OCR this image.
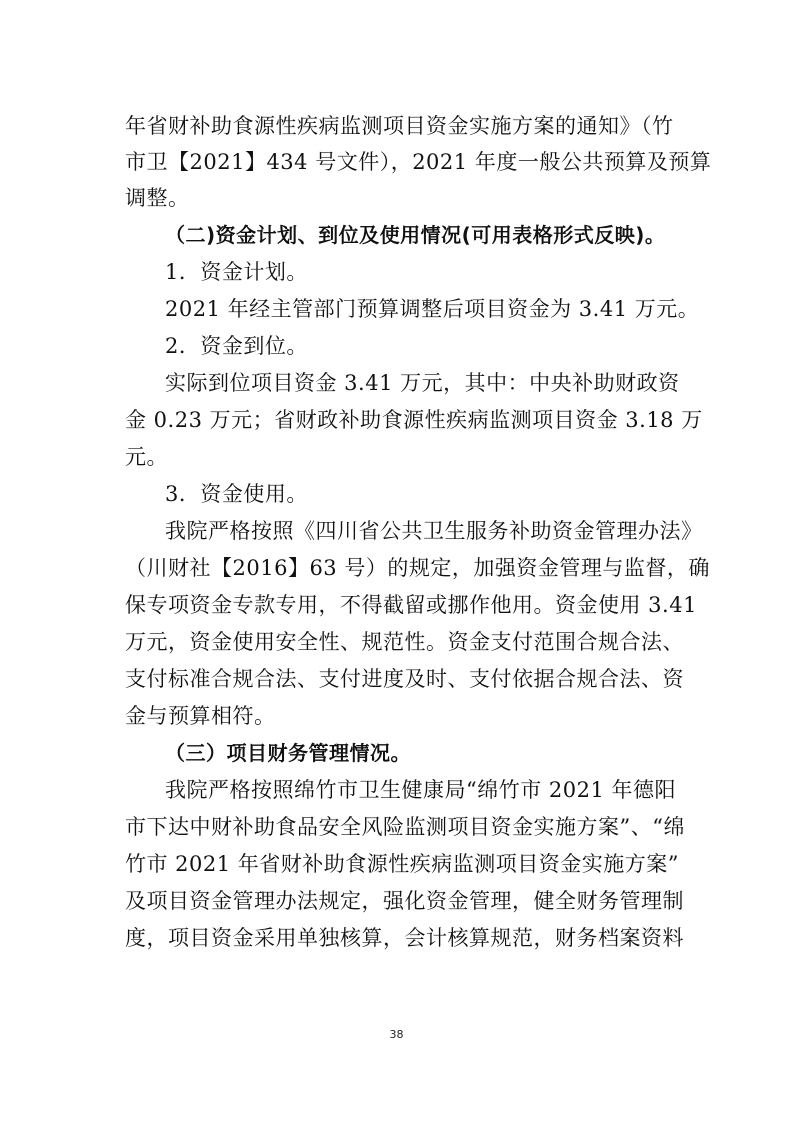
年省财补助食源性疾病监测项目资金实施方案的通知》（竹
市卫【2021】434 号文件），2021 年度一般公共预算及预算
调整。
（二)资金计划、到位及使用情况(可用表格形式反映)。
1．资金计划。
2021 年经主管部门预算调整后项目资金为 3.41 万元。
2．资金到位。
实际到位项目资金 3.41 万元，其中：中央补助财政资
金 0.23 万元；省财政补助食源性疾病监测项目资金 3.18 万
元。
3．资金使用。
我院严格按照《四川省公共卫生服务补助资金管理办法》
（川财社【2016】63 号）的规定，加强资金管理与监督，确
保专项资金专款专用，不得截留或挪作他用。资金使用 3.41
万元，资金使用安全性、规范性。资金支付范围合规合法、
支付标准合规合法、支付进度及时、支付依据合规合法、资
金与预算相符。
（三）项目财务管理情况。
我院严格按照绵竹市卫生健康局“绵竹市 2021 年德阳
市下达中财补助食品安全风险监测项目资金实施方案”、“绵
竹市 2021 年省财补助食源性疾病监测项目资金实施方案”
及项目资金管理办法规定，强化资金管理，健全财务管理制
度，项目资金采用单独核算，会计核算规范，财务档案资料
38
